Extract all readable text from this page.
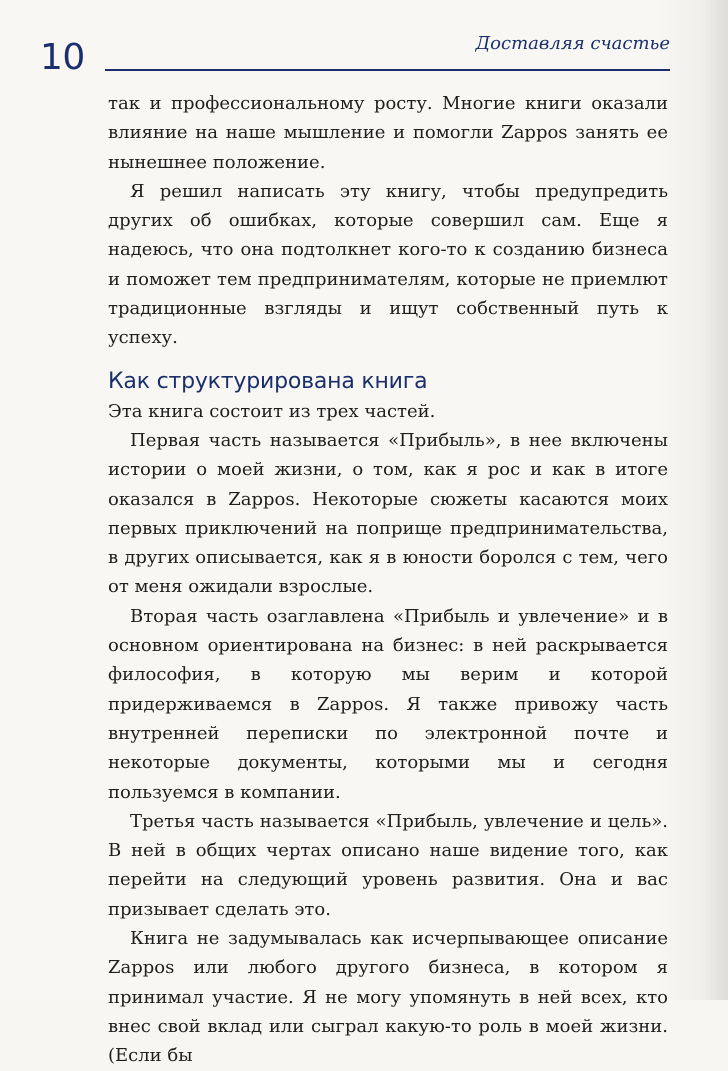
10	Доставляя счастье

так и профессиональному росту. Многие книги оказали влияние на наше мышление и помогли Zappos занять ее нынешнее положение.

Я решил написать эту книгу, чтобы предупредить других об ошибках, которые совершил сам. Еще я надеюсь, что она подтолкнет кого-то к созданию бизнеса и поможет тем предпринимателям, которые не приемлют традиционные взгляды и ищут собственный путь к успеху.

Как структурирована книга

Эта книга состоит из трех частей.

Первая часть называется «Прибыль», в нее включены истории о моей жизни, о том, как я рос и как в итоге оказался в Zappos. Некоторые сюжеты касаются моих первых приключений на поприще предпринимательства, в других описывается, как я в юности боролся с тем, чего от меня ожидали взрослые.

Вторая часть озаглавлена «Прибыль и увлечение» и в основном ориентирована на бизнес: в ней раскрывается философия, в которую мы верим и которой придерживаемся в Zappos. Я также привожу часть внутренней переписки по электронной почте и некоторые документы, которыми мы и сегодня пользуемся в компании.

Третья часть называется «Прибыль, увлечение и цель». В ней в общих чертах описано наше видение того, как перейти на следующий уровень развития. Она и вас призывает сделать это.

Книга не задумывалась как исчерпывающее описание Zappos или любого другого бизнеса, в котором я принимал участие. Я не могу упомянуть в ней всех, кто внес свой вклад или сыграл какую-то роль в моей жизни. (Если бы
